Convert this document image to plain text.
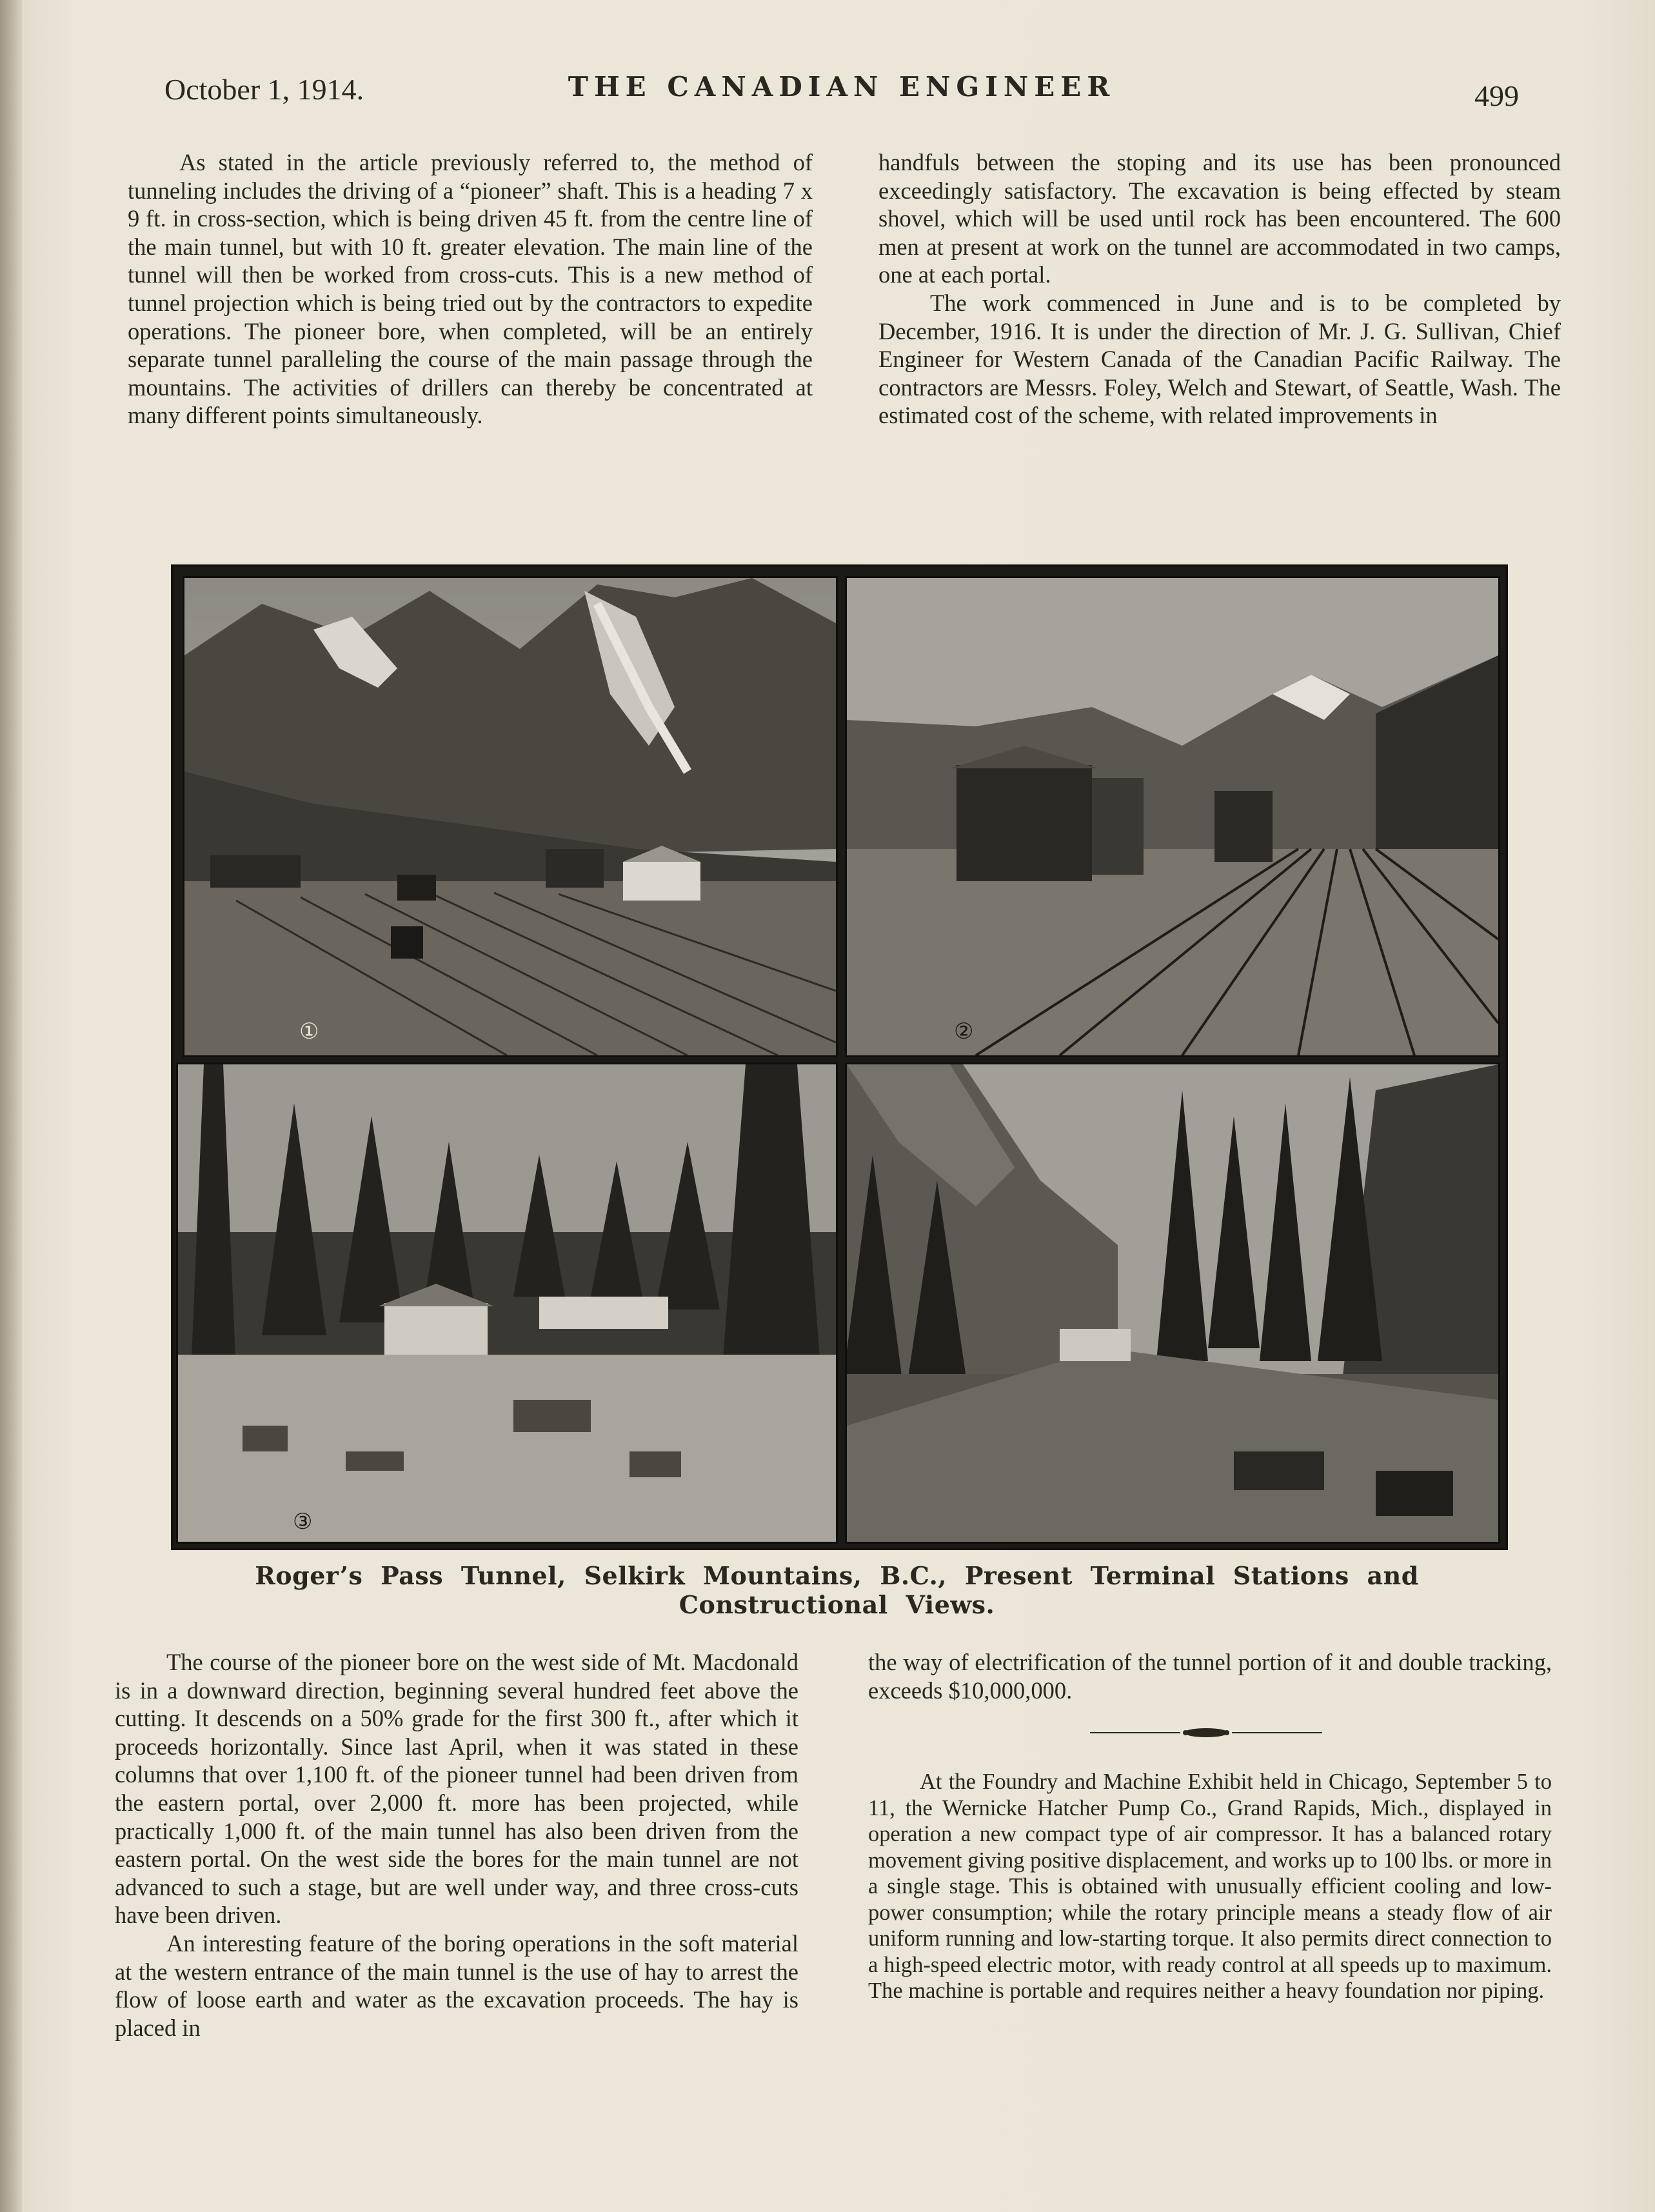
October 1, 1914.	THE CANADIAN ENGINEER	499

As stated in the article previously referred to, the method of tunneling includes the driving of a “pioneer” shaft. This is a heading 7 x 9 ft. in cross-section, which is being driven 45 ft. from the centre line of the main tunnel, but with 10 ft. greater elevation. The main line of the tunnel will then be worked from cross-cuts. This is a new method of tunnel projection which is being tried out by the contractors to expedite operations. The pioneer bore, when completed, will be an entirely separate tunnel paralleling the course of the main passage through the mountains. The activities of drillers can thereby be concentrated at many different points simultaneously.

handfuls between the stoping and its use has been pronounced exceedingly satisfactory. The excavation is being effected by steam shovel, which will be used until rock has been encountered. The 600 men at present at work on the tunnel are accommodated in two camps, one at each portal.

The work commenced in June and is to be completed by December, 1916. It is under the direction of Mr. J. G. Sullivan, Chief Engineer for Western Canada of the Canadian Pacific Railway. The contractors are Messrs. Foley, Welch and Stewart, of Seattle, Wash. The estimated cost of the scheme, with related improvements in

①	②
③
Roger’s Pass Tunnel, Selkirk Mountains, B.C., Present Terminal Stations and Constructional Views.

The course of the pioneer bore on the west side of Mt. Macdonald is in a downward direction, beginning several hundred feet above the cutting. It descends on a 50% grade for the first 300 ft., after which it proceeds horizontally. Since last April, when it was stated in these columns that over 1,100 ft. of the pioneer tunnel had been driven from the eastern portal, over 2,000 ft. more has been projected, while practically 1,000 ft. of the main tunnel has also been driven from the eastern portal. On the west side the bores for the main tunnel are not advanced to such a stage, but are well under way, and three cross-cuts have been driven.

An interesting feature of the boring operations in the soft material at the western entrance of the main tunnel is the use of hay to arrest the flow of loose earth and water as the excavation proceeds. The hay is placed in

the way of electrification of the tunnel portion of it and double tracking, exceeds $10,000,000.

At the Foundry and Machine Exhibit held in Chicago, September 5 to 11, the Wernicke Hatcher Pump Co., Grand Rapids, Mich., displayed in operation a new compact type of air compressor. It has a balanced rotary movement giving positive displacement, and works up to 100 lbs. or more in a single stage. This is obtained with unusually efficient cooling and low-power consumption; while the rotary principle means a steady flow of air uniform running and low-starting torque. It also permits direct connection to a high-speed electric motor, with ready control at all speeds up to maximum. The machine is portable and requires neither a heavy foundation nor piping.
